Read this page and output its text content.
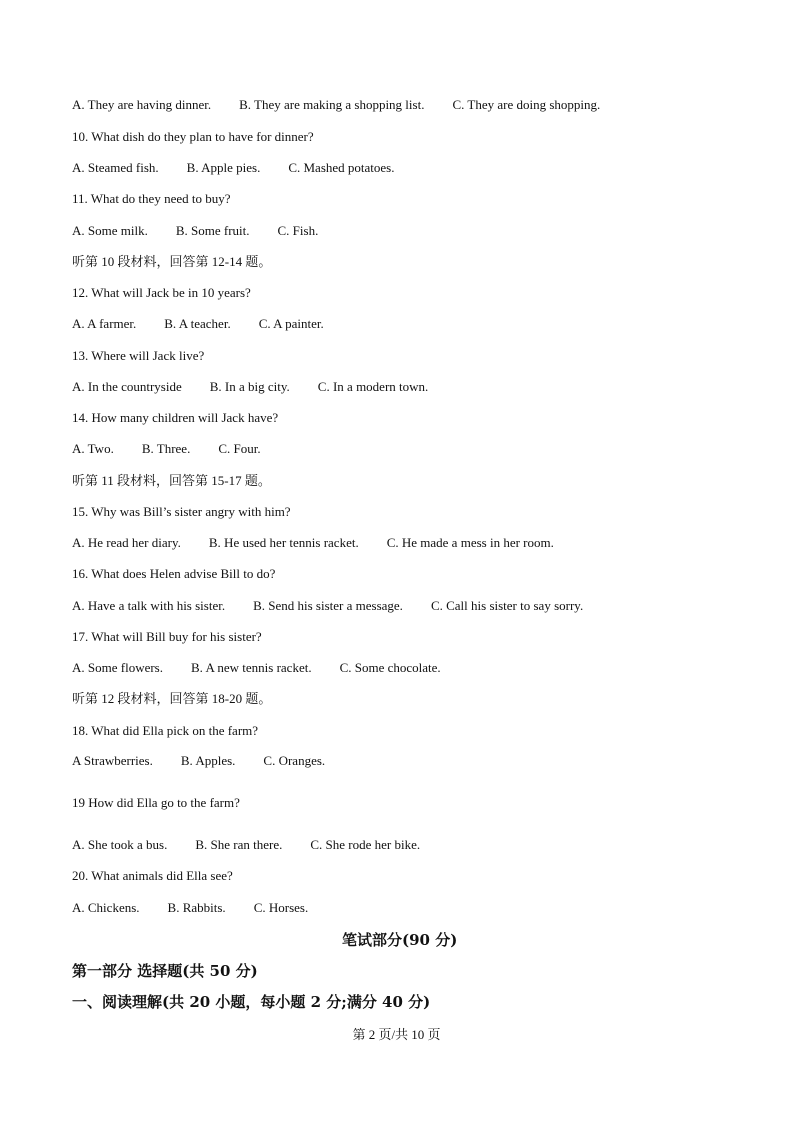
A. They are having dinner. B. They are making a shopping list. C. They are doing shopping.
10. What dish do they plan to have for dinner?
A. Steamed fish. B. Apple pies. C. Mashed potatoes.
11. What do they need to buy?
A. Some milk. B. Some fruit. C. Fish.
听第 10 段材料，回答第 12-14 题。
12. What will Jack be in 10 years?
A. A farmer. B. A teacher. C. A painter.
13. Where will Jack live?
A. In the countryside B. In a big city. C. In a modern town.
14. How many children will Jack have?
A. Two. B. Three. C. Four.
听第 11 段材料，回答第 15-17 题。
15. Why was Bill’s sister angry with him?
A. He read her diary. B. He used her tennis racket. C. He made a mess in her room.
16. What does Helen advise Bill to do?
A. Have a talk with his sister. B. Send his sister a message. C. Call his sister to say sorry.
17. What will Bill buy for his sister?
A. Some flowers. B. A new tennis racket. C. Some chocolate.
听第 12 段材料，回答第 18-20 题。
18. What did Ella pick on the farm?
A Strawberries. B. Apples. C. Oranges.
19 How did Ella go to the farm?
A. She took a bus. B. She ran there. C. She rode her bike.
20. What animals did Ella see?
A. Chickens. B. Rabbits. C. Horses.
笔试部分(90 分)
第一部分 选择题(共 50 分)
一、阅读理解(共 20 小题，每小题 2 分;满分 40 分)
第 2 页/共 10 页
